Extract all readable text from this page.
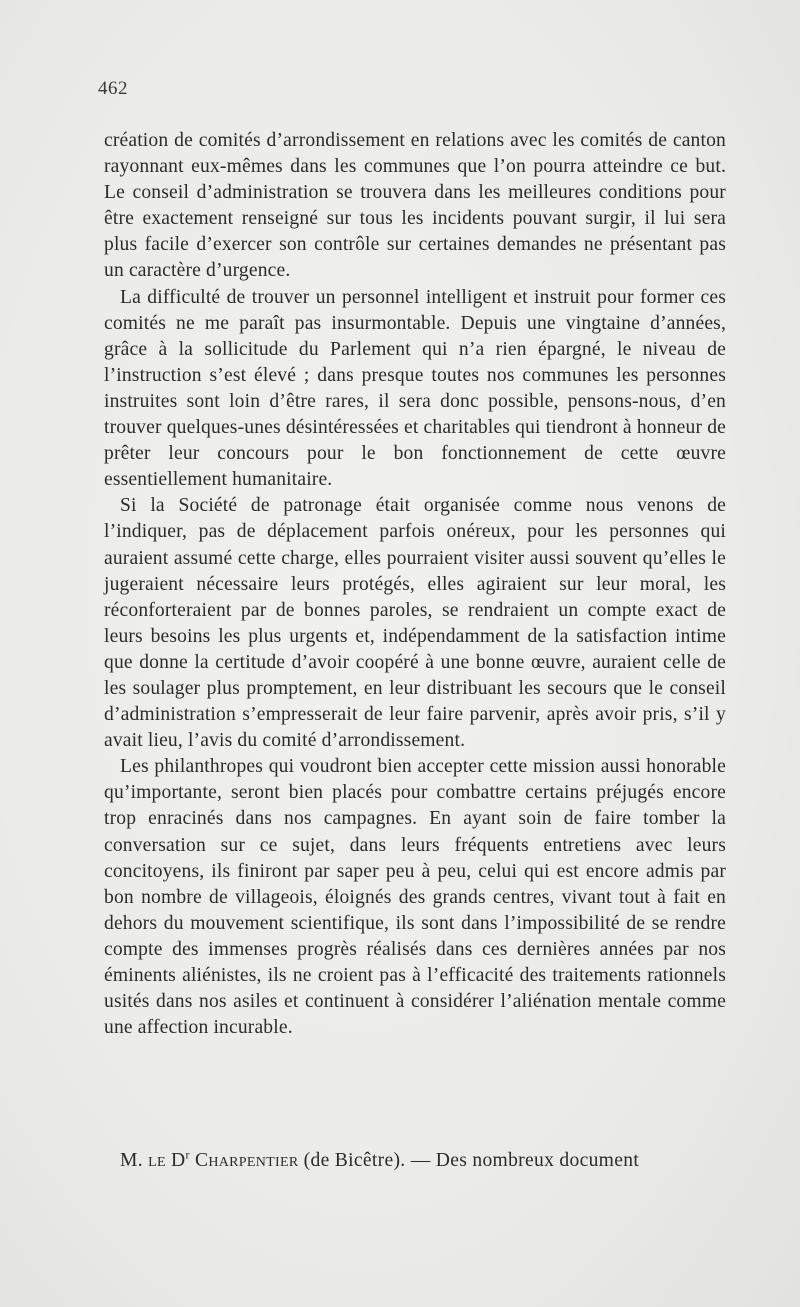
462

création de comités d’arrondissement en relations avec les comités de canton rayonnant eux-mêmes dans les communes que l’on pourra atteindre ce but. Le conseil d’administration se trouvera dans les meilleures conditions pour être exactement renseigné sur tous les incidents pouvant surgir, il lui sera plus facile d’exercer son contrôle sur certaines demandes ne présentant pas un caractère d’urgence.

La difficulté de trouver un personnel intelligent et instruit pour former ces comités ne me paraît pas insurmontable. Depuis une vingtaine d’années, grâce à la sollicitude du Parlement qui n’a rien épargné, le niveau de l’instruction s’est élevé ; dans presque toutes nos communes les personnes instruites sont loin d’être rares, il sera donc possible, pensons-nous, d’en trouver quelques-unes désintéressées et charitables qui tiendront à honneur de prêter leur concours pour le bon fonctionnement de cette œuvre essentiellement humanitaire.

Si la Société de patronage était organisée comme nous venons de l’indiquer, pas de déplacement parfois onéreux, pour les personnes qui auraient assumé cette charge, elles pourraient visiter aussi souvent qu’elles le jugeraient nécessaire leurs protégés, elles agiraient sur leur moral, les réconforteraient par de bonnes paroles, se rendraient un compte exact de leurs besoins les plus urgents et, indépendamment de la satisfaction intime que donne la certitude d’avoir coopéré à une bonne œuvre, auraient celle de les soulager plus promptement, en leur distribuant les secours que le conseil d’administration s’empresserait de leur faire parvenir, après avoir pris, s’il y avait lieu, l’avis du comité d’arrondissement.

Les philanthropes qui voudront bien accepter cette mission aussi honorable qu’importante, seront bien placés pour combattre certains préjugés encore trop enracinés dans nos campagnes. En ayant soin de faire tomber la conversation sur ce sujet, dans leurs fréquents entretiens avec leurs concitoyens, ils finiront par saper peu à peu, celui qui est encore admis par bon nombre de villageois, éloignés des grands centres, vivant tout à fait en dehors du mouvement scientifique, ils sont dans l’impossibilité de se rendre compte des immenses progrès réalisés dans ces dernières années par nos éminents aliénistes, ils ne croient pas à l’efficacité des traitements rationnels usités dans nos asiles et continuent à considérer l’aliénation mentale comme une affection incurable.

M. le $D^r$ Charpentier (de Bicêtre). — Des nombreux document
